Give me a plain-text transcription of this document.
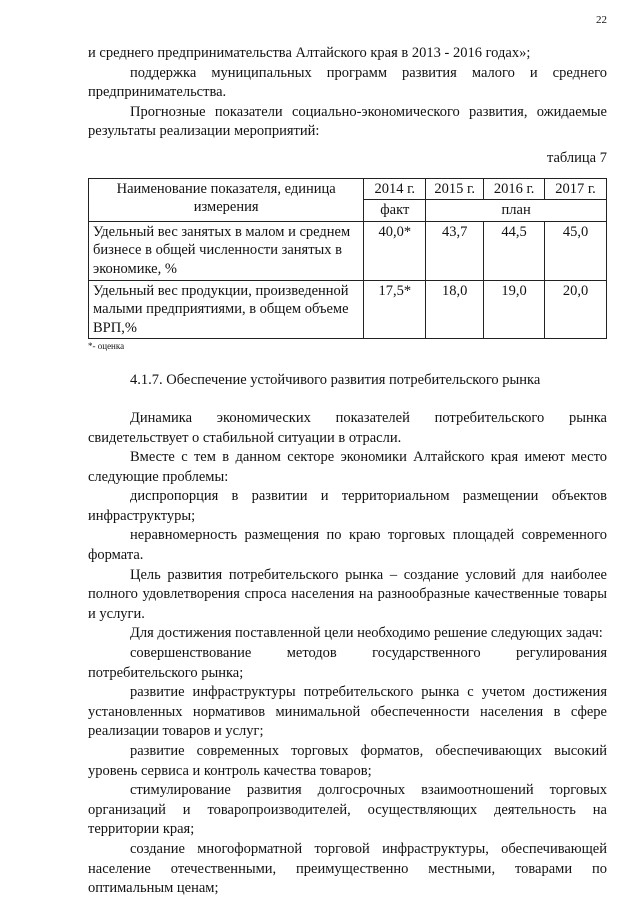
22

и среднего предпринимательства Алтайского края в 2013 - 2016 годах»;

поддержка муниципальных программ развития малого и среднего предпринимательства.

Прогнозные показатели социально-экономического развития, ожидаемые результаты реализации мероприятий:

таблица 7
Наименование показателя, единица измерения	2014 г.	2015 г.	2016 г.	2017 г.
	факт	план		
Удельный вес занятых в малом и среднем бизнесе в общей численности занятых в экономике, %	40,0*	43,7	44,5	45,0
Удельный вес продукции, произведенной малыми предприятиями, в общем объеме ВРП,%	17,5*	18,0	19,0	20,0
*- оценка
4.1.7. Обеспечение устойчивого развития потребительского рынка

Динамика экономических показателей потребительского рынка свидетельствует о стабильной ситуации в отрасли.

Вместе с тем в данном секторе экономики Алтайского края имеют место следующие проблемы:

диспропорция в развитии и территориальном размещении объектов инфраструктуры;

неравномерность размещения по краю торговых площадей современного формата.

Цель развития потребительского рынка – создание условий для наиболее полного удовлетворения спроса населения на разнообразные качественные товары и услуги.

Для достижения поставленной цели необходимо решение следующих задач:

совершенствование методов государственного регулирования потребительского рынка;

развитие инфраструктуры потребительского рынка с учетом достижения установленных нормативов минимальной обеспеченности населения в сфере реализации товаров и услуг;

развитие современных торговых форматов, обеспечивающих высокий уровень сервиса и контроль качества товаров;

стимулирование развития долгосрочных взаимоотношений торговых организаций и товаропроизводителей, осуществляющих деятельность на территории края;

создание многоформатной торговой инфраструктуры, обеспечивающей население отечественными, преимущественно местными, товарами по оптимальным ценам;
